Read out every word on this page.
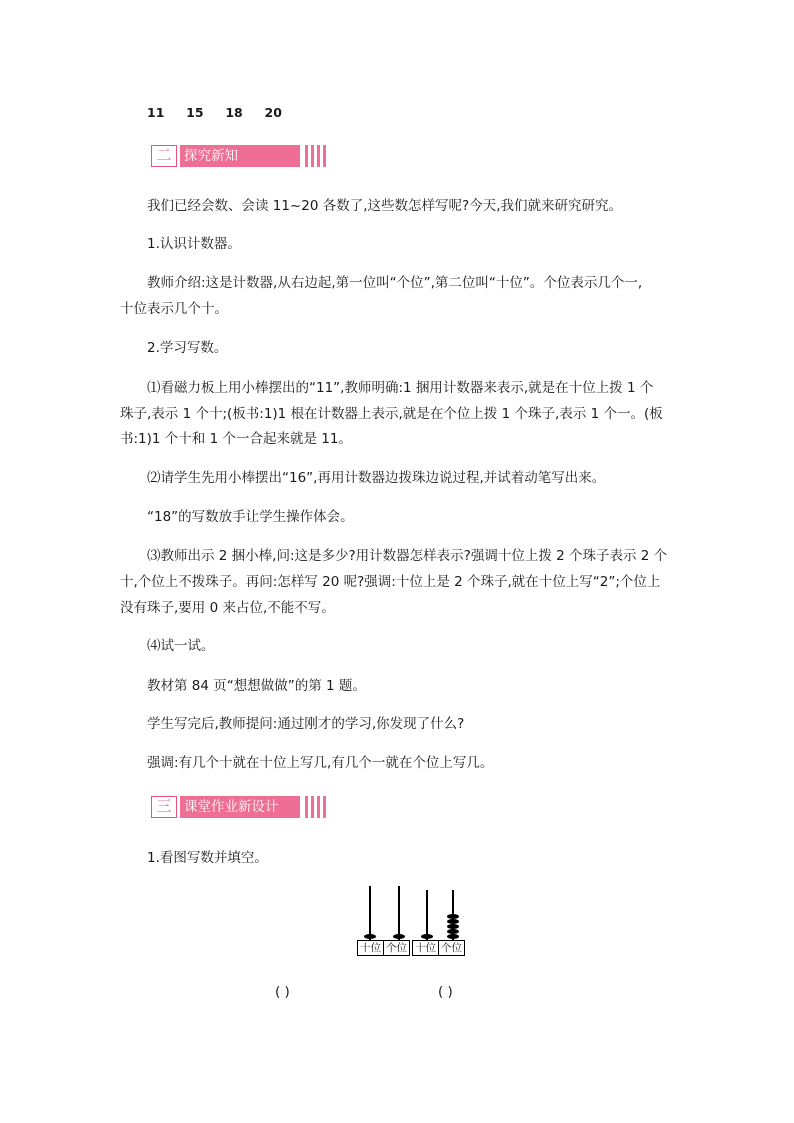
11 15 18 20
二 探究新知
我们已经会数、会读 11~20 各数了,这些数怎样写呢?今天,我们就来研究研究。
1.认识计数器。
教师介绍:这是计数器,从右边起,第一位叫“个位”,第二位叫“十位”。个位表示几个一,
十位表示几个十。
2.学习写数。
⑴看磁力板上用小棒摆出的“11”,教师明确:1 捆用计数器来表示,就是在十位上拨 1 个
珠子,表示 1 个十;(板书:1)1 根在计数器上表示,就是在个位上拨 1 个珠子,表示 1 个一。(板
书:1)1 个十和 1 个一合起来就是 11。
⑵请学生先用小棒摆出“16”,再用计数器边拨珠边说过程,并试着动笔写出来。
“18”的写数放手让学生操作体会。
⑶教师出示 2 捆小棒,问:这是多少?用计数器怎样表示?强调十位上拨 2 个珠子表示 2 个
十,个位上不拨珠子。再问:怎样写 20 呢?强调:十位上是 2 个珠子,就在十位上写“2”;个位上
没有珠子,要用 0 来占位,不能不写。
⑷试一试。
教材第 84 页“想想做做”的第 1 题。
学生写完后,教师提问:通过刚才的学习,你发现了什么?
强调:有几个十就在十位上写几,有几个一就在个位上写几。
三 课堂作业新设计
1.看图写数并填空。
十位 个位 十位 个位
( )	( )
